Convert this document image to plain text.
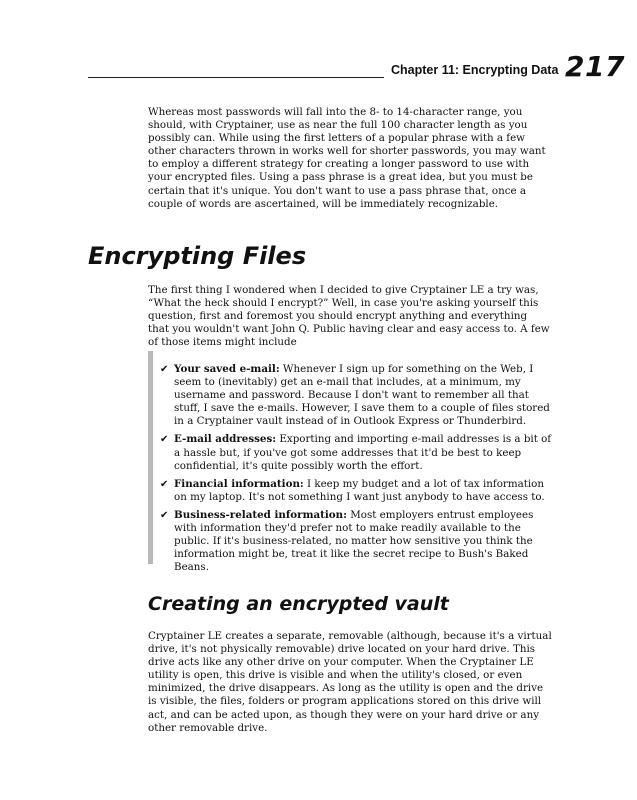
Chapter 11: Encrypting Data 217

Whereas most passwords will fall into the 8- to 14-character range, you should, with Cryptainer, use as near the full 100 character length as you possibly can. While using the first letters of a popular phrase with a few other characters thrown in works well for shorter passwords, you may want to employ a different strategy for creating a longer password to use with your encrypted files. Using a pass phrase is a great idea, but you must be certain that it's unique. You don't want to use a pass phrase that, once a couple of words are ascertained, will be immediately recognizable.

Encrypting Files

The first thing I wondered when I decided to give Cryptainer LE a try was, “What the heck should I encrypt?” Well, in case you're asking yourself this question, first and foremost you should encrypt anything and everything that you wouldn't want John Q. Public having clear and easy access to. A few of those items might include

✔ Your saved e-mail: Whenever I sign up for something on the Web, I seem to (inevitably) get an e-mail that includes, at a minimum, my username and password. Because I don't want to remember all that stuff, I save the e-mails. However, I save them to a couple of files stored in a Cryptainer vault instead of in Outlook Express or Thunderbird.
✔ E-mail addresses: Exporting and importing e-mail addresses is a bit of a hassle but, if you've got some addresses that it'd be best to keep confidential, it's quite possibly worth the effort.
✔ Financial information: I keep my budget and a lot of tax information on my laptop. It's not something I want just anybody to have access to.
✔ Business-related information: Most employers entrust employees with information they'd prefer not to make readily available to the public. If it's business-related, no matter how sensitive you think the information might be, treat it like the secret recipe to Bush's Baked Beans.
Creating an encrypted vault

Cryptainer LE creates a separate, removable (although, because it's a virtual drive, it's not physically removable) drive located on your hard drive. This drive acts like any other drive on your computer. When the Cryptainer LE utility is open, this drive is visible and when the utility's closed, or even minimized, the drive disappears. As long as the utility is open and the drive is visible, the files, folders or program applications stored on this drive will act, and can be acted upon, as though they were on your hard drive or any other removable drive.
